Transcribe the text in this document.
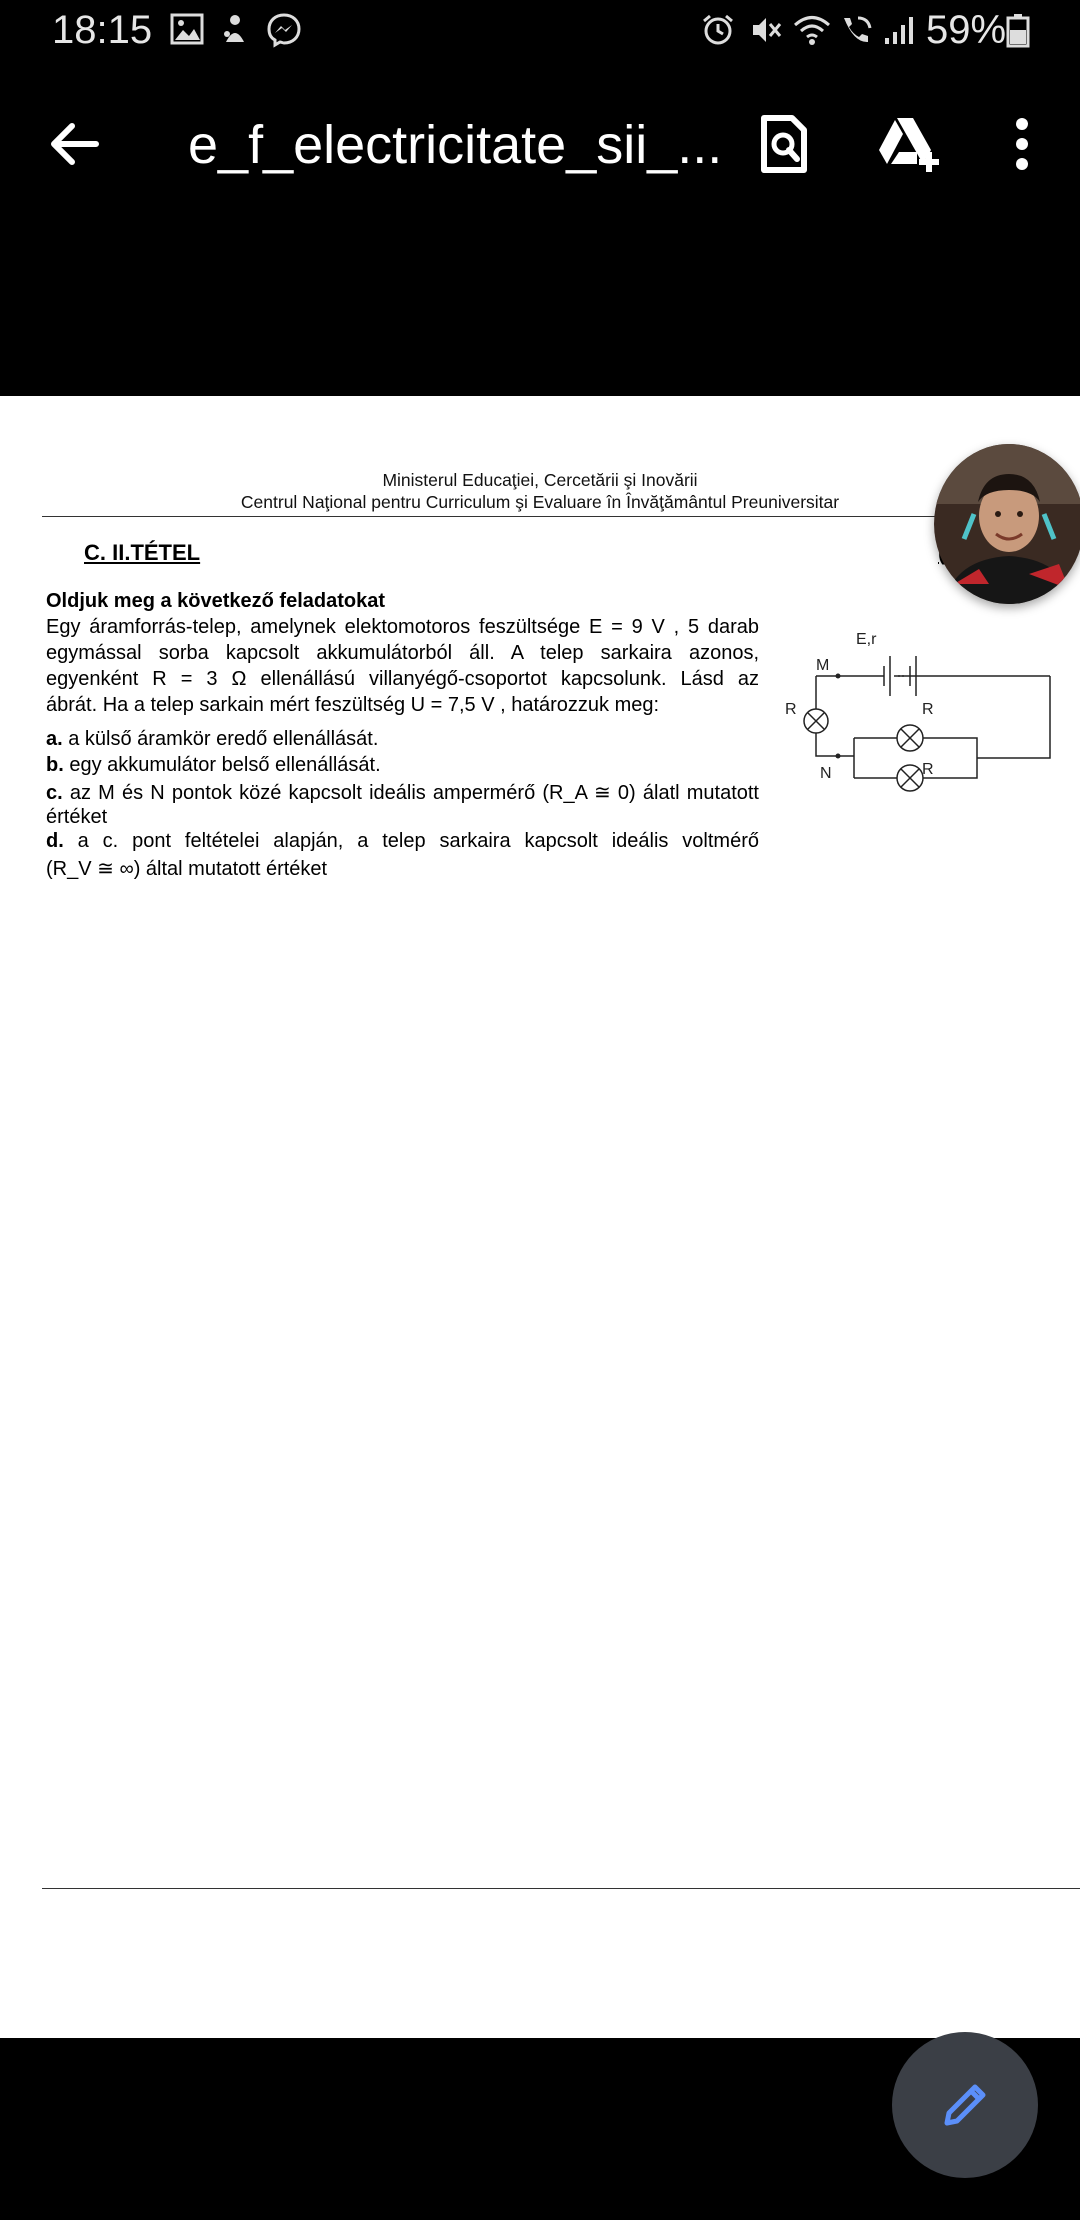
18:15	59%
e_f_electricitate_sii_...
Ministerul Educaţiei, Cercetării şi Inovării
Centrul Naţional pentru Curriculum şi Evaluare în Învăţământul Preuniversitar
C. II.TÉTEL
Oldjuk meg a következő feladatokat
Egy áramforrás-telep, amelynek elektomotoros feszültsége E = 9 V , 5 darab
egymással sorba kapcsolt akkumulátorból áll. A telep sarkaira azonos,
egyenként R = 3 Ω ellenállású villanyégő-csoportot kapcsolunk. Lásd az
ábrát. Ha a telep sarkain mért feszültség U = 7,5 V , határozzuk meg:
a. a külső áramkör eredő ellenállását.
b. egy akkumulátor belső ellenállását.
c. az M és N pontok közé kapcsolt ideális ampermérő (R_A ≅ 0) álatl mutatott
értéket
d. a c. pont feltételei alapján, a telep sarkaira kapcsolt ideális voltmérő
(R_V ≅ ∞) által mutatott értéket
E,r
M
N
R	R
R
